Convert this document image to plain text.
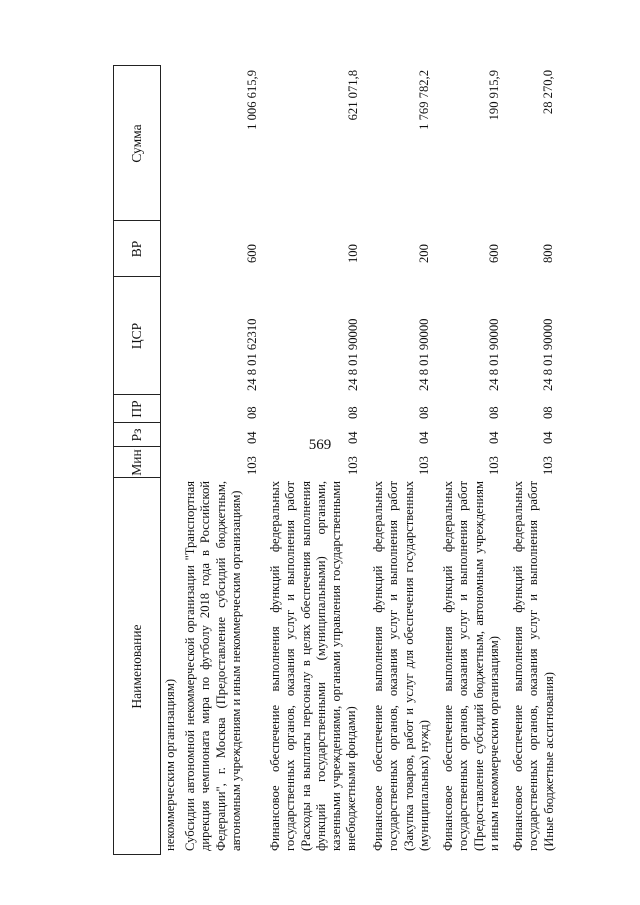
569
Наименование
Мин
Рз
ПР
ЦСР
ВР
Сумма
некоммерческим организациям) Субсидии автономной некоммерческой организации "Транспортная дирекция чемпионата мира по футболу 2018 года в Российской Федерации", г. Москва (Предоставление субсидий бюджетным, автономным учреждениям и иным некоммерческим организациям)
103
04
08
24 8 01 62310
600
1 006 615,9
Финансовое обеспечение выполнения функций федеральных государственных органов, оказания услуг и выполнения работ (Расходы на выплаты персоналу в целях обеспечения выполнения функций государственными (муниципальными) органами, казенными учреждениями, органами управления государственными внебюджетными фондами)
103
04
08
24 8 01 90000
100
621 071,8
Финансовое обеспечение выполнения функций федеральных государственных органов, оказания услуг и выполнения работ (Закупка товаров, работ и услуг для обеспечения государственных (муниципальных) нужд)
103
04
08
24 8 01 90000
200
1 769 782,2
Финансовое обеспечение выполнения функций федеральных государственных органов, оказания услуг и выполнения работ (Предоставление субсидий бюджетным, автономным учреждениям и иным некоммерческим организациям)
103
04
08
24 8 01 90000
600
190 915,9
Финансовое обеспечение выполнения функций федеральных государственных органов, оказания услуг и выполнения работ (Иные бюджетные ассигнования)
103
04
08
24 8 01 90000
800
28 270,0
